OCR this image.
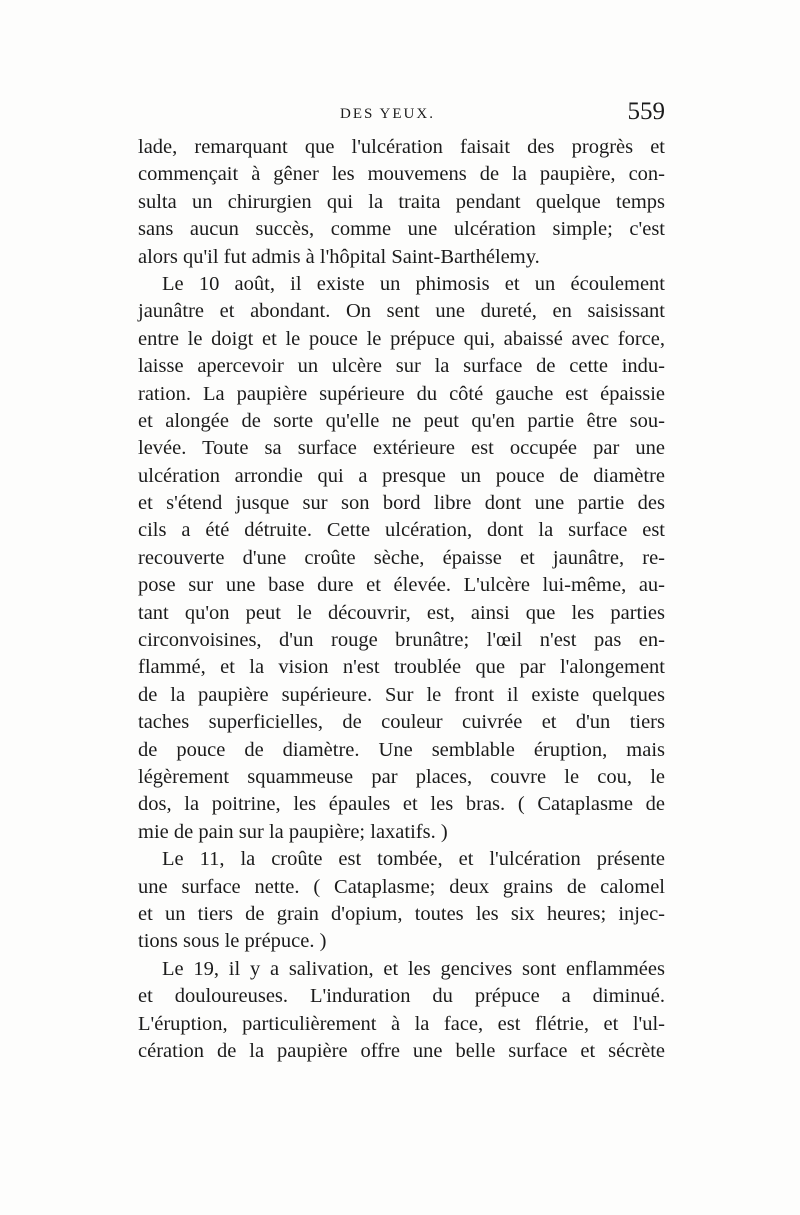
DES YEUX.	559
lade, remarquant que l'ulcération faisait des progrès et
commençait à gêner les mouvemens de la paupière, con-
sulta un chirurgien qui la traita pendant quelque temps
sans aucun succès, comme une ulcération simple; c'est
alors qu'il fut admis à l'hôpital Saint-Barthélemy.
Le 10 août, il existe un phimosis et un écoulement
jaunâtre et abondant. On sent une dureté, en saisissant
entre le doigt et le pouce le prépuce qui, abaissé avec force,
laisse apercevoir un ulcère sur la surface de cette indu-
ration. La paupière supérieure du côté gauche est épaissie
et alongée de sorte qu'elle ne peut qu'en partie être sou-
levée. Toute sa surface extérieure est occupée par une
ulcération arrondie qui a presque un pouce de diamètre
et s'étend jusque sur son bord libre dont une partie des
cils a été détruite. Cette ulcération, dont la surface est
recouverte d'une croûte sèche, épaisse et jaunâtre, re-
pose sur une base dure et élevée. L'ulcère lui-même, au-
tant qu'on peut le découvrir, est, ainsi que les parties
circonvoisines, d'un rouge brunâtre; l'œil n'est pas en-
flammé, et la vision n'est troublée que par l'alongement
de la paupière supérieure. Sur le front il existe quelques
taches superficielles, de couleur cuivrée et d'un tiers
de pouce de diamètre. Une semblable éruption, mais
légèrement squammeuse par places, couvre le cou, le
dos, la poitrine, les épaules et les bras. ( Cataplasme de
mie de pain sur la paupière; laxatifs. )
Le 11, la croûte est tombée, et l'ulcération présente
une surface nette. ( Cataplasme; deux grains de calomel
et un tiers de grain d'opium, toutes les six heures; injec-
tions sous le prépuce. )
Le 19, il y a salivation, et les gencives sont enflammées
et douloureuses. L'induration du prépuce a diminué.
L'éruption, particulièrement à la face, est flétrie, et l'ul-
cération de la paupière offre une belle surface et sécrète
